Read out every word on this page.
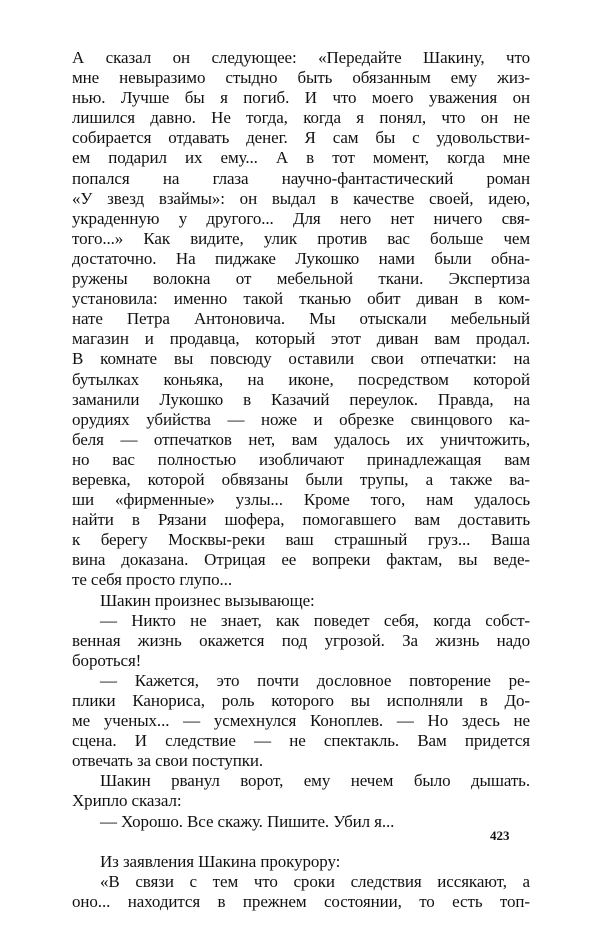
А сказал он следующее: «Передайте Шакину, что
мне невыразимо стыдно быть обязанным ему жиз-
нью. Лучше бы я погиб. И что моего уважения он
лишился давно. Не тогда, когда я понял, что он не
собирается отдавать денег. Я сам бы с удовольстви-
ем подарил их ему... А в тот момент, когда мне
попался на глаза научно-фантастический роман
«У звезд взаймы»: он выдал в качестве своей, идею,
украденную у другого... Для него нет ничего свя-
того...» Как видите, улик против вас больше чем
достаточно. На пиджаке Лукошко нами были обна-
ружены волокна от мебельной ткани. Экспертиза
установила: именно такой тканью обит диван в ком-
нате Петра Антоновича. Мы отыскали мебельный
магазин и продавца, который этот диван вам продал.
В комнате вы повсюду оставили свои отпечатки: на
бутылках коньяка, на иконе, посредством которой
заманили Лукошко в Казачий переулок. Правда, на
орудиях убийства — ноже и обрезке свинцового ка-
беля — отпечатков нет, вам удалось их уничтожить,
но вас полностью изобличают принадлежащая вам
веревка, которой обвязаны были трупы, а также ва-
ши «фирменные» узлы... Кроме того, нам удалось
найти в Рязани шофера, помогавшего вам доставить
к берегу Москвы-реки ваш страшный груз... Ваша
вина доказана. Отрицая ее вопреки фактам, вы веде-
те себя просто глупо...
Шакин произнес вызывающе:
— Никто не знает, как поведет себя, когда собст-
венная жизнь окажется под угрозой. За жизнь надо
бороться!
— Кажется, это почти дословное повторение ре-
плики Канориса, роль которого вы исполняли в До-
ме ученых... — усмехнулся Коноплев. — Но здесь не
сцена. И следствие — не спектакль. Вам придется
отвечать за свои поступки.
Шакин рванул ворот, ему нечем было дышать.
Хрипло сказал:
— Хорошо. Все скажу. Пишите. Убил я...
Из заявления Шакина прокурору:
«В связи с тем что сроки следствия иссякают, а
оно... находится в прежнем состоянии, то есть топ-
423
